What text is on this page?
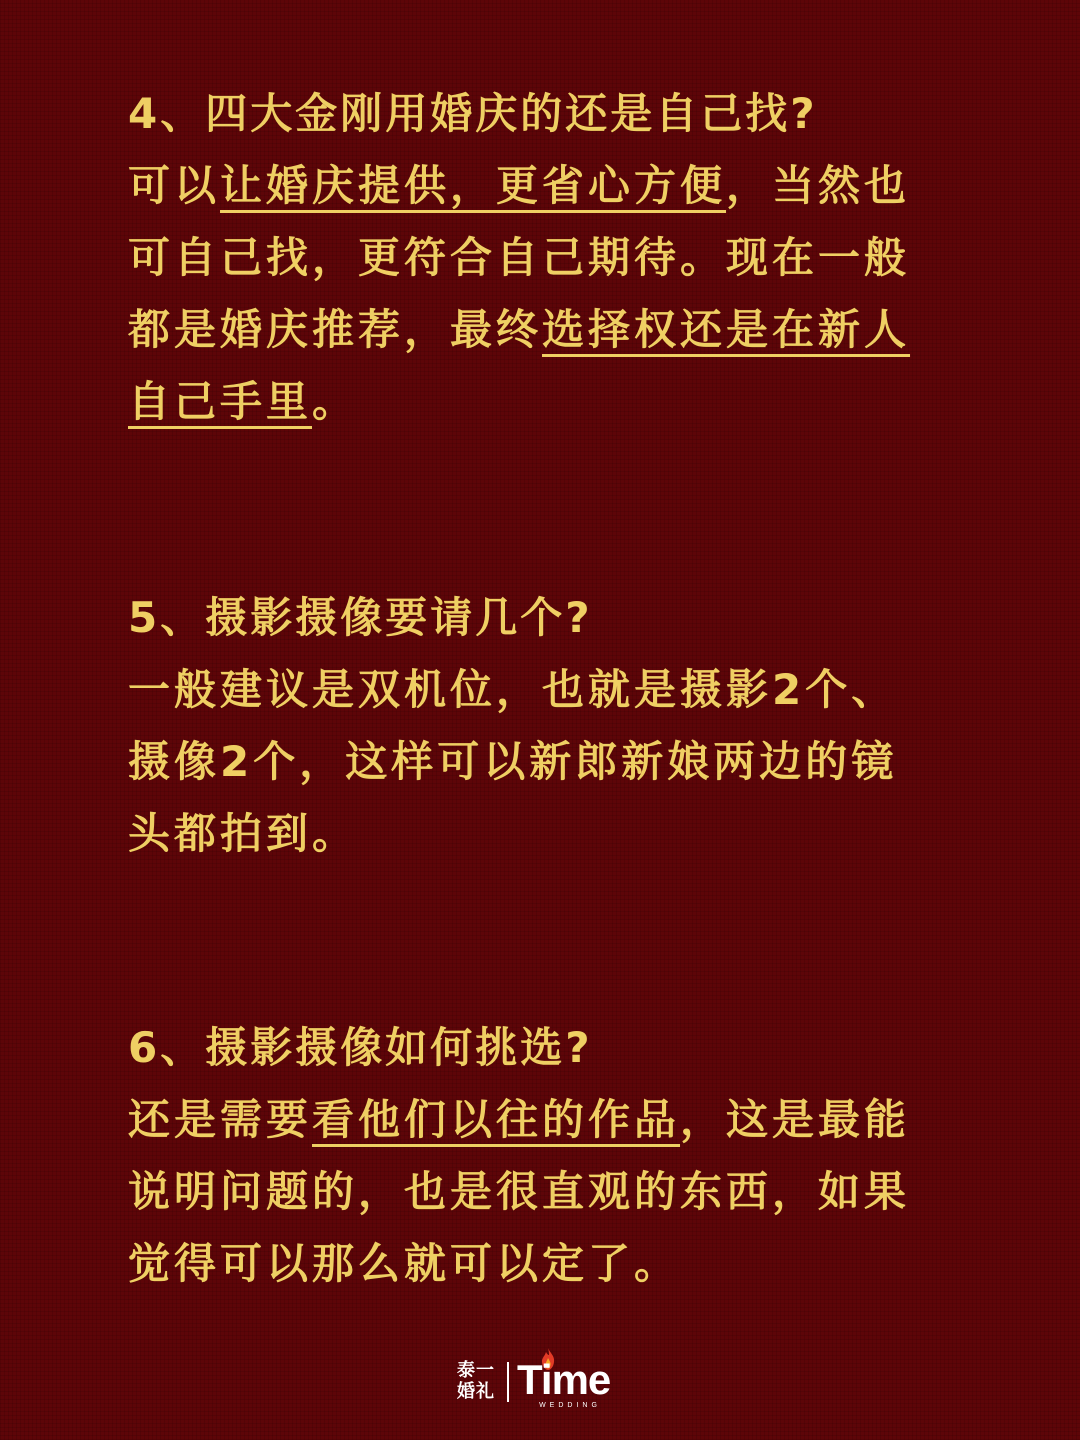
4、四大金刚用婚庆的还是自己找?
可以让婚庆提供，更省心方便，当然也
可自己找，更符合自己期待。现在一般
都是婚庆推荐，最终选择权还是在新人
自己手里。
5、摄影摄像要请几个?
一般建议是双机位，也就是摄影2个、
摄像2个，这样可以新郎新娘两边的镜
头都拍到。
6、摄影摄像如何挑选?
还是需要看他们以往的作品，这是最能
说明问题的，也是很直观的东西，如果
觉得可以那么就可以定了。
泰一
婚礼 Time
WEDDING
